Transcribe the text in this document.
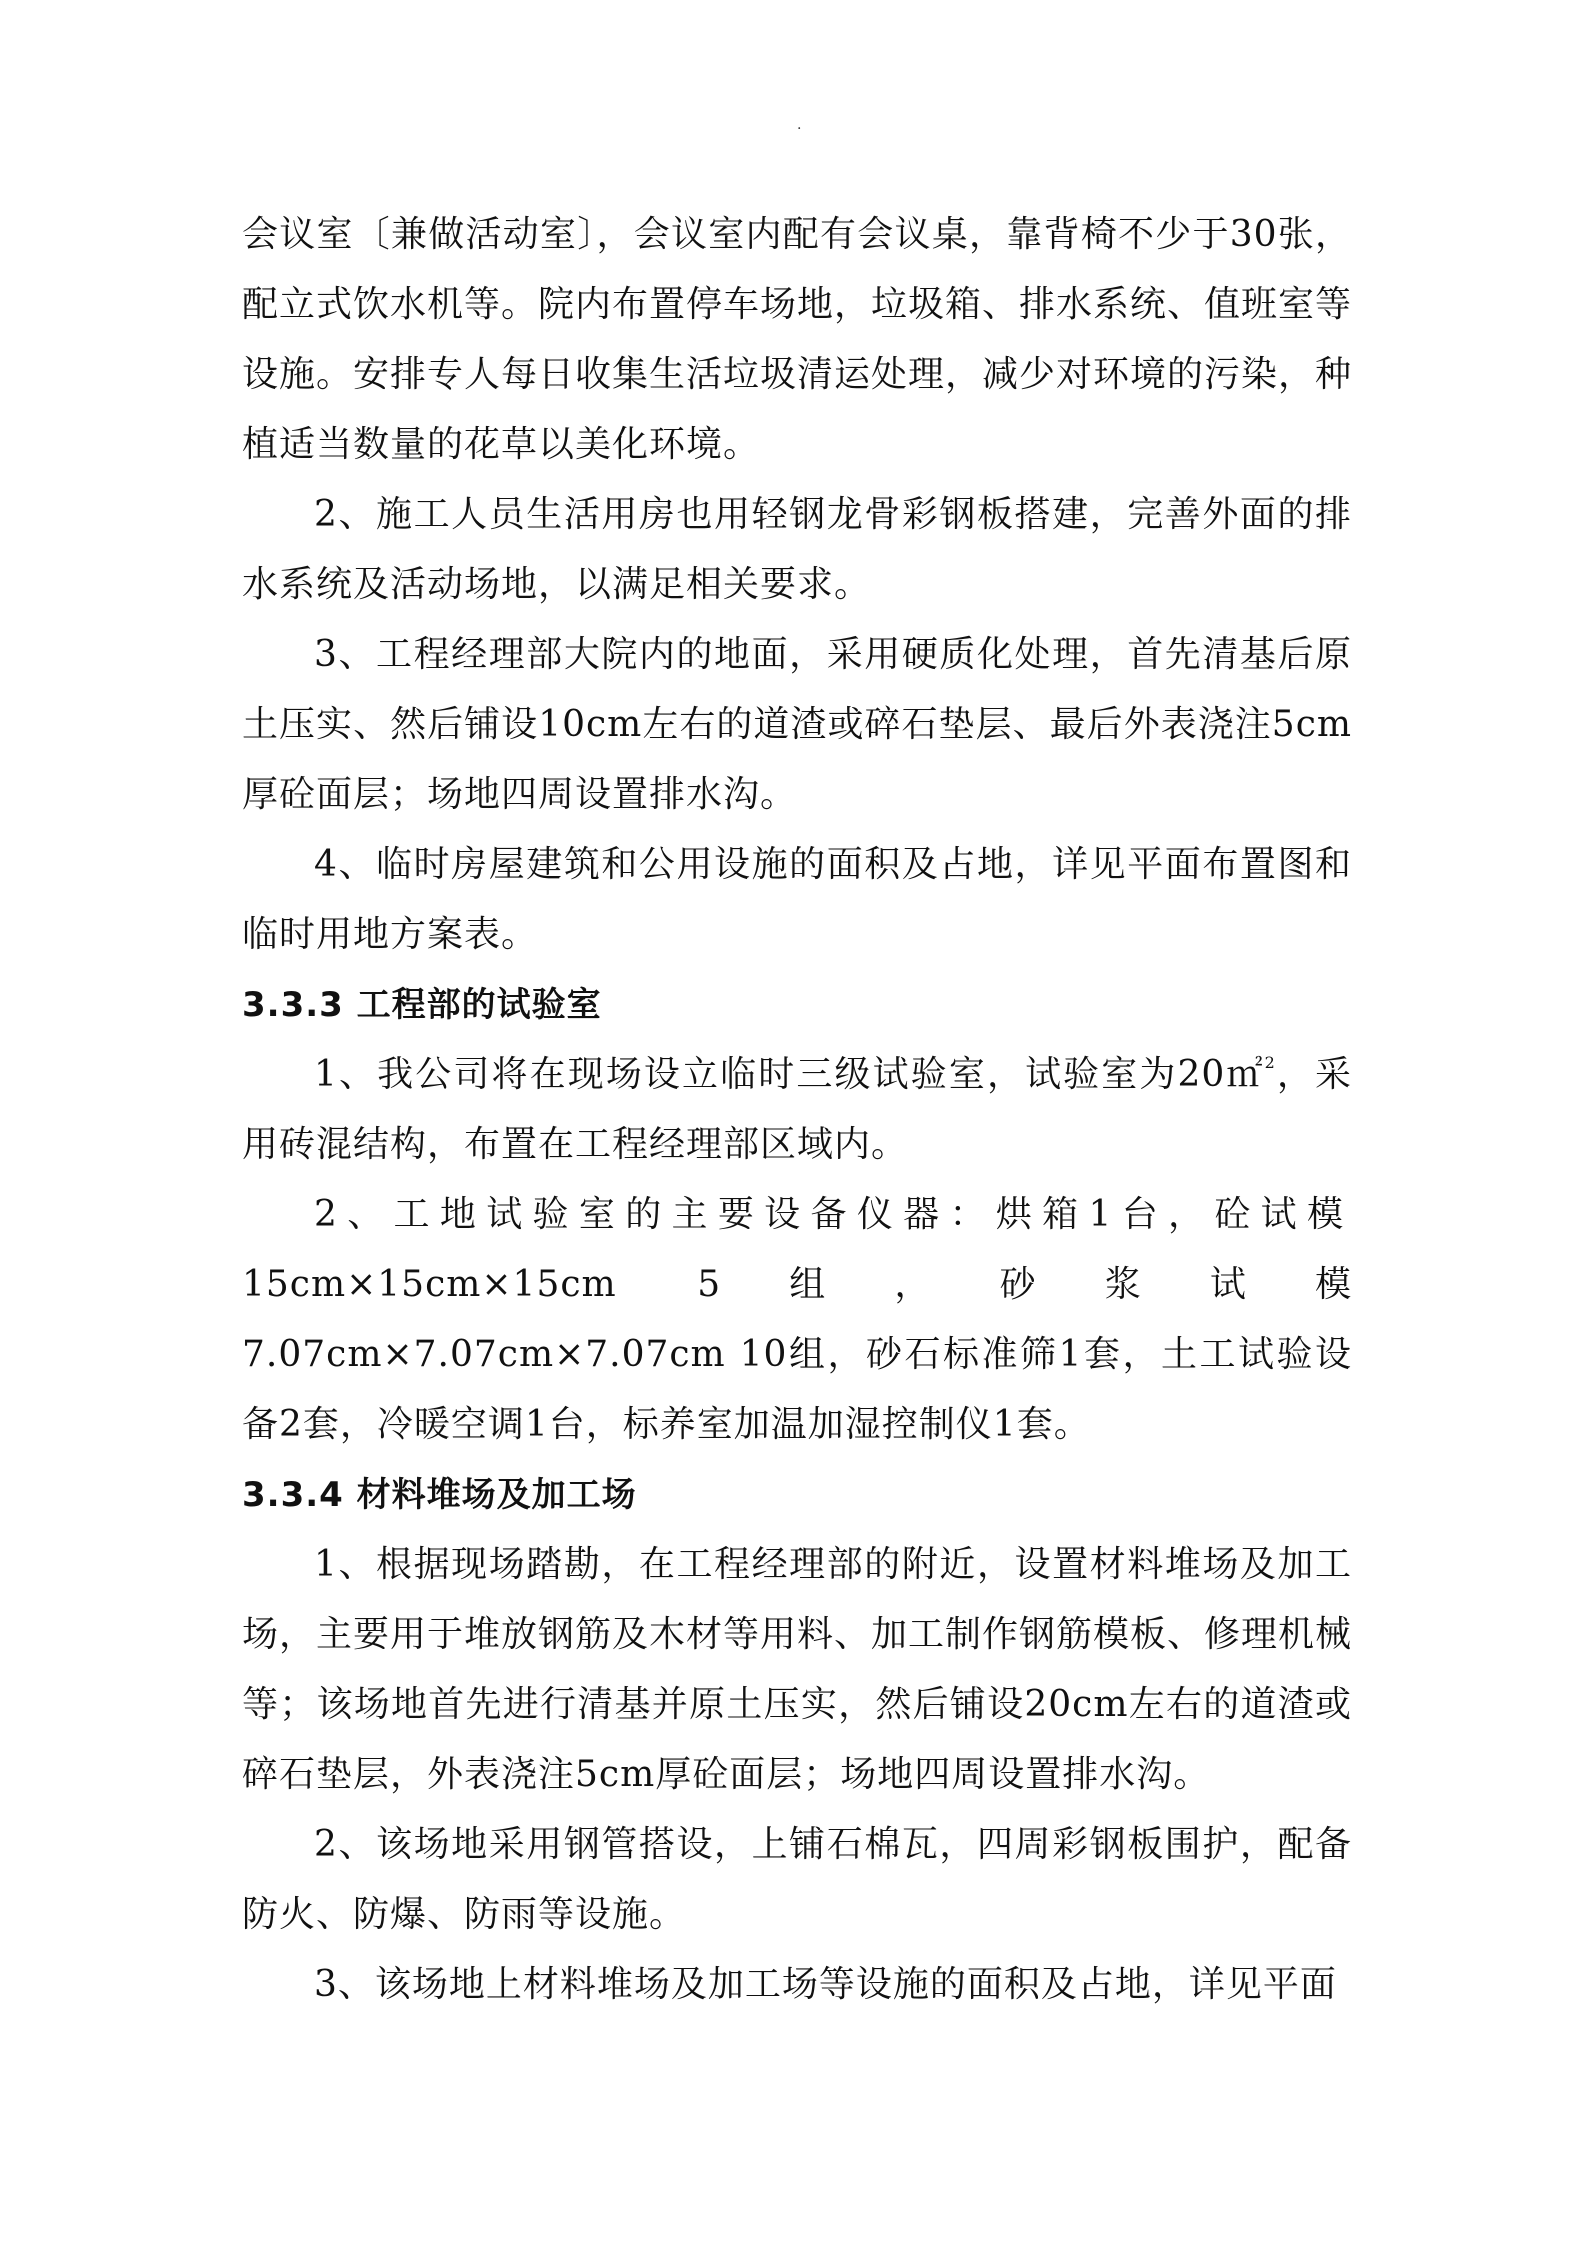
.

会议室〔兼做活动室〕，会议室内配有会议桌，靠背椅不少于30张，配立式饮水机等。院内布置停车场地，垃圾箱、排水系统、值班室等设施。安排专人每日收集生活垃圾清运处理，减少对环境的污染，种植适当数量的花草以美化环境。

2、施工人员生活用房也用轻钢龙骨彩钢板搭建，完善外面的排水系统及活动场地，以满足相关要求。

3、工程经理部大院内的地面，采用硬质化处理，首先清基后原土压实、然后铺设10cm左右的道渣或碎石垫层、最后外表浇注5cm厚砼面层；场地四周设置排水沟。

4、临时房屋建筑和公用设施的面积及占地，详见平面布置图和临时用地方案表。

3.3.3 工程部的试验室

1、我公司将在现场设立临时三级试验室，试验室为20㎡$^2$，采用砖混结构，布置在工程经理部区域内。

2、工地试验室的主要设备仪器：烘箱1台，砼试模15cm×15cm×15cm 5组，砂浆试模7.07cm×7.07cm×7.07cm 10组，砂石标准筛1套，土工试验设备2套，冷暖空调1台，标养室加温加湿控制仪1套。

3.3.4 材料堆场及加工场

1、根据现场踏勘，在工程经理部的附近，设置材料堆场及加工场，主要用于堆放钢筋及木材等用料、加工制作钢筋模板、修理机械等；该场地首先进行清基并原土压实，然后铺设20cm左右的道渣或碎石垫层，外表浇注5cm厚砼面层；场地四周设置排水沟。

2、该场地采用钢管搭设，上铺石棉瓦，四周彩钢板围护，配备防火、防爆、防雨等设施。

3、该场地上材料堆场及加工场等设施的面积及占地，详见平面
